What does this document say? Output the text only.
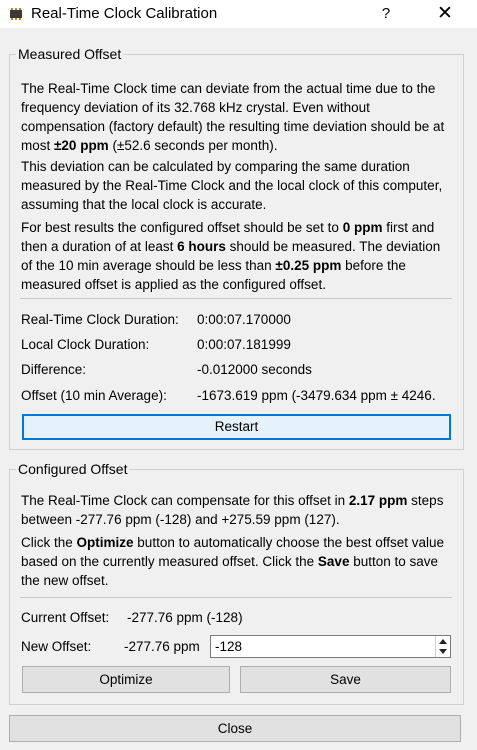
Real-Time Clock Calibration	?	✕
Measured Offset
The Real-Time Clock time can deviate from the actual time due to the frequency deviation of its 32.768 kHz crystal. Even without compensation (factory default) the resulting time deviation should be at most ±20 ppm (±52.6 seconds per month).
This deviation can be calculated by comparing the same duration measured by the Real-Time Clock and the local clock of this computer, assuming that the local clock is accurate.
For best results the configured offset should be set to 0 ppm first and then a duration of at least 6 hours should be measured. The deviation of the 10 min average should be less than ±0.25 ppm before the measured offset is applied as the configured offset.
Real-Time Clock Duration: 0:00:07.170000
Local Clock Duration:	0:00:07.181999
Difference:	-0.012000 seconds
Offset (10 min Average): -1673.619 ppm (-3479.634 ppm ± 4246.
Restart
Configured Offset
The Real-Time Clock can compensate for this offset in 2.17 ppm steps between -277.76 ppm (-128) and +275.59 ppm (127).
Click the Optimize button to automatically choose the best offset value based on the currently measured offset. Click the Save button to save the new offset.
Current Offset: -277.76 ppm (-128)
New Offset: -277.76 ppm -128
Optimize	Save
Close
